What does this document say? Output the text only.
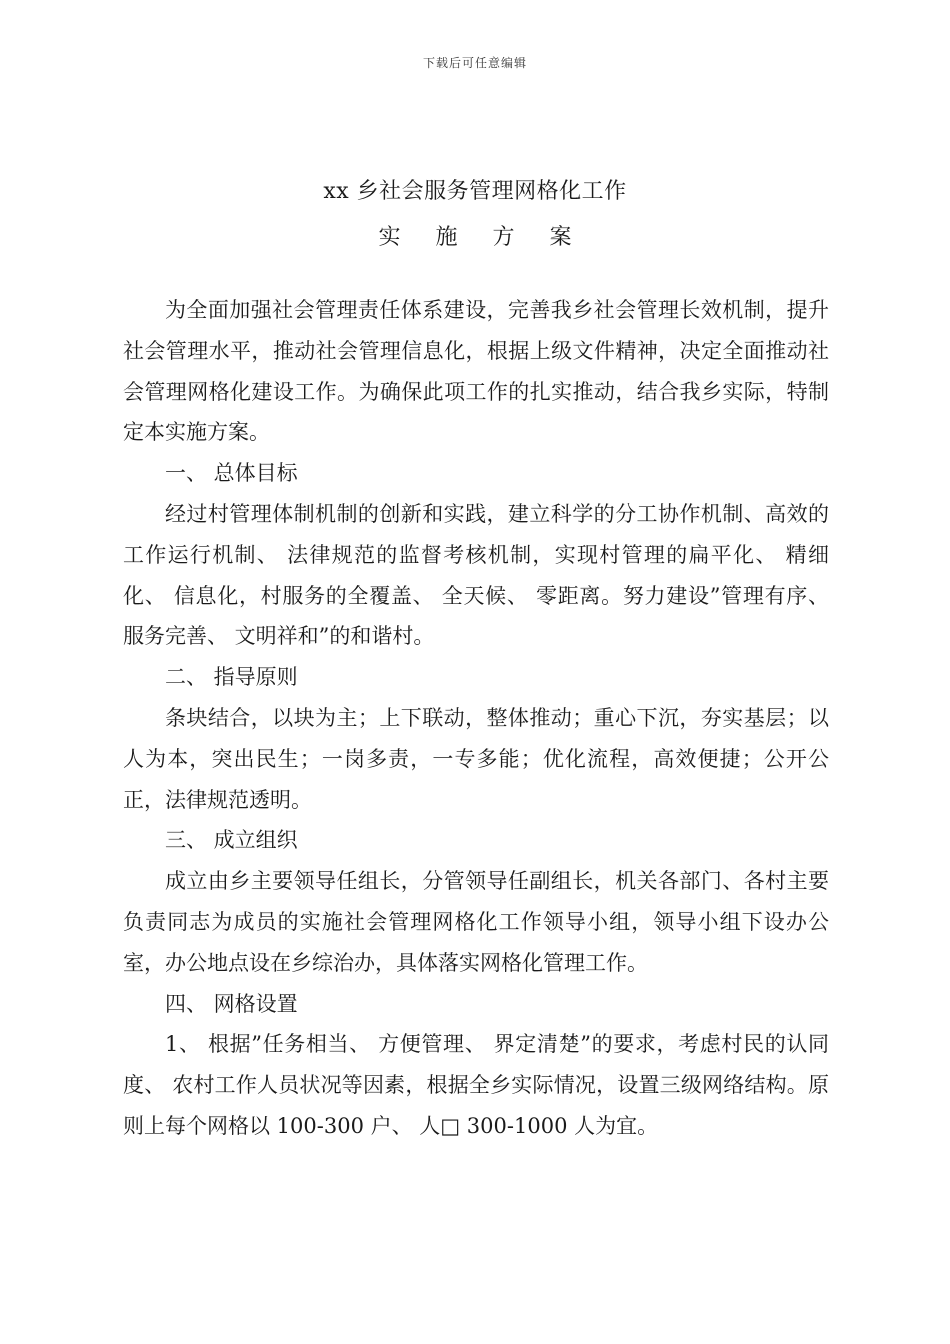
下载后可任意编辑
xx 乡社会服务管理网格化工作
实 施 方 案

为全面加强社会管理责任体系建设，完善我乡社会管理长效机制，提升社会管理水平，推动社会管理信息化，根据上级文件精神，决定全面推动社会管理网格化建设工作。为确保此项工作的扎实推动，结合我乡实际，特制定本实施方案。

一、 总体目标

经过村管理体制机制的创新和实践，建立科学的分工协作机制、高效的工作运行机制、 法律规范的监督考核机制，实现村管理的扁平化、 精细化、 信息化，村服务的全覆盖、 全天候、 零距离。努力建设”管理有序、 服务完善、 文明祥和”的和谐村。

二、 指导原则

条块结合，以块为主；上下联动，整体推动；重心下沉，夯实基层；以人为本，突出民生；一岗多责，一专多能；优化流程，高效便捷；公开公正，法律规范透明。

三、 成立组织

成立由乡主要领导任组长，分管领导任副组长，机关各部门、各村主要负责同志为成员的实施社会管理网格化工作领导小组，领导小组下设办公室，办公地点设在乡综治办，具体落实网格化管理工作。

四、 网格设置

1、 根据”任务相当、 方便管理、 界定清楚”的要求，考虑村民的认同度、 农村工作人员状况等因素，根据全乡实际情况，设置三级网络结构。原则上每个网格以 100-300 户、 人□ 300-1000 人为宜。
